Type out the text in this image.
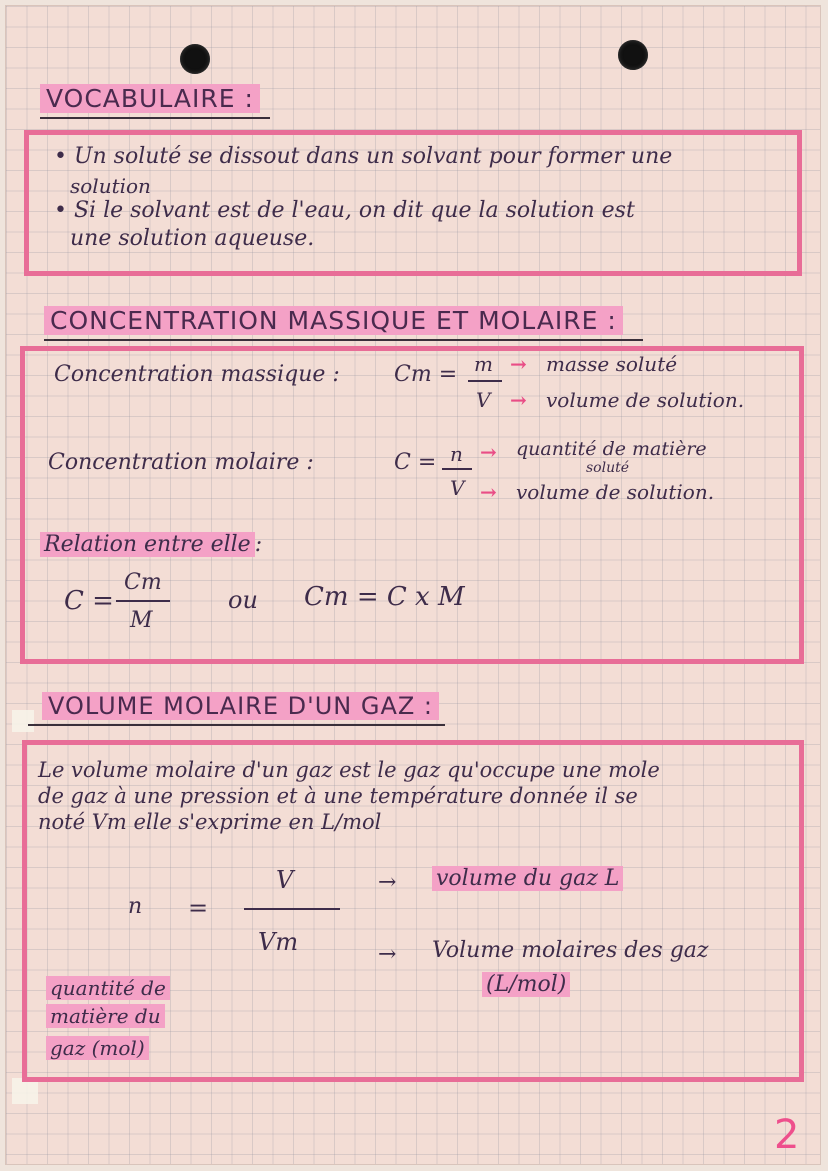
VOCABULAIRE :
• Un soluté se dissout dans un solvant pour former une
solution
• Si le solvant est de l'eau, on dit que la solution est
une solution aqueuse.
CONCENTRATION MASSIQUE ET MOLAIRE :
Concentration massique : Cm = m
V
→ masse soluté
→ volume de solution.
Concentration molaire :	C = n
V
→ quantité de matière
soluté
→ volume de solution.
Relation entre elle :
C =
Cm
M
ou Cm = C x M
VOLUME MOLAIRE D'UN GAZ :
Le volume molaire d'un gaz est le gaz qu'occupe une mole
de gaz à une pression et à une température donnée il se
noté Vm elle s'exprime en L/mol
n =
V
Vm
→ volume du gaz L
→ Volume molaires des gaz
(L/mol)
quantité de
matière du
gaz (mol)
2
